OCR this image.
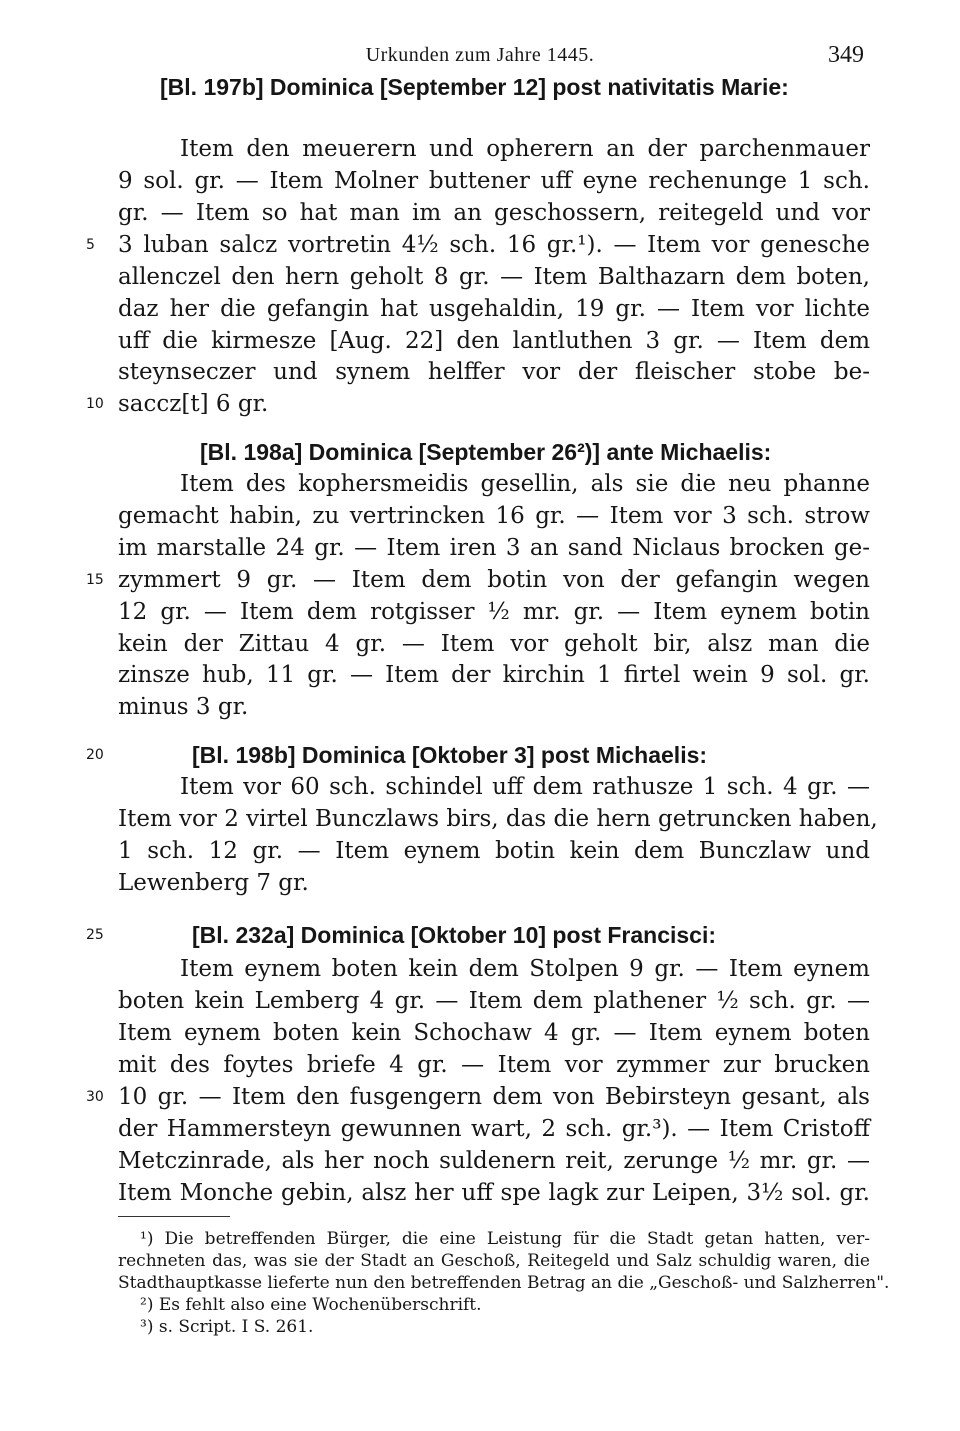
Urkunden zum Jahre 1445.	349
[Bl. 197b] Dominica [September 12] post nativitatis Marie:
Item den meuerern und opherern an der parchenmauer
9 sol. gr. — Item Molner buttener uff eyne rechenunge 1 sch.
gr. — Item so hat man im an geschossern, reitegeld und vor
3 luban salcz vortretin 4½ sch. 16 gr.¹). — Item vor genesche
allenczel den hern geholt 8 gr. — Item Balthazarn dem boten,
daz her die gefangin hat usgehaldin, 19 gr. — Item vor lichte
uff die kirmesze [Aug. 22] den lantluthen 3 gr. — Item dem
steynseczer und synem helffer vor der fleischer stobe be-
saccz[t] 6 gr.
[Bl. 198a] Dominica [September 26²)] ante Michaelis:
Item des kophersmeidis gesellin, als sie die neu phanne
gemacht habin, zu vertrincken 16 gr. — Item vor 3 sch. strow
im marstalle 24 gr. — Item iren 3 an sand Niclaus brocken ge-
zymmert 9 gr. — Item dem botin von der gefangin wegen
12 gr. — Item dem rotgisser ½ mr. gr. — Item eynem botin
kein der Zittau 4 gr. — Item vor geholt bir, alsz man die
zinsze hub, 11 gr. — Item der kirchin 1 firtel wein 9 sol. gr.
minus 3 gr.
[Bl. 198b] Dominica [Oktober 3] post Michaelis:
Item vor 60 sch. schindel uff dem rathusze 1 sch. 4 gr. —
Item vor 2 virtel Bunczlaws birs, das die hern getruncken haben,
1 sch. 12 gr. — Item eynem botin kein dem Bunczlaw und
Lewenberg 7 gr.
[Bl. 232a] Dominica [Oktober 10] post Francisci:
Item eynem boten kein dem Stolpen 9 gr. — Item eynem
boten kein Lemberg 4 gr. — Item dem plathener ½ sch. gr. —
Item eynem boten kein Schochaw 4 gr. — Item eynem boten
mit des foytes briefe 4 gr. — Item vor zymmer zur brucken
10 gr. — Item den fusgengern dem von Bebirsteyn gesant, als
der Hammersteyn gewunnen wart, 2 sch. gr.³). — Item Cristoff
Metczinrade, als her noch suldenern reit, zerunge ½ mr. gr. —
Item Monche gebin, alsz her uff spe lagk zur Leipen, 3½ sol. gr.
5
10
15
20
25
30
¹) Die betreffenden Bürger, die eine Leistung für die Stadt getan hatten, ver-
rechneten das, was sie der Stadt an Geschoß, Reitegeld und Salz schuldig waren, die
Stadthauptkasse lieferte nun den betreffenden Betrag an die „Geschoß- und Salzherren".
²) Es fehlt also eine Wochenüberschrift.
³) s. Script. I S. 261.
